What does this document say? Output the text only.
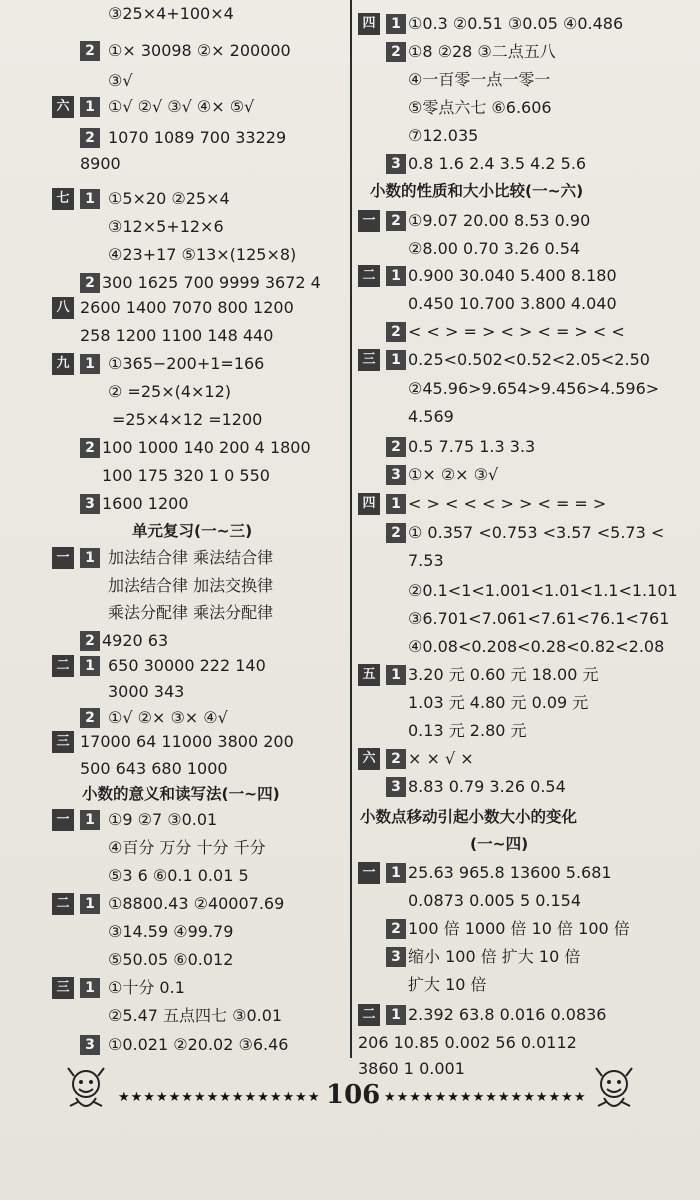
③25×4+100×4
2 ①× 30098 ②× 200000
③√
六	1 ①√ ②√ ③√ ④× ⑤√
2 1070 1089 700 33229
8900
七	1 ①5×20 ②25×4
③12×5+12×6
④23+17 ⑤13×(125×8)
2 300 1625 700 9999 3672 4
八 2600 1400 7070 800 1200
258 1200 1100 148 440
九	1 ①365−200+1=166
② =25×(4×12)
=25×4×12 =1200
2 100 1000 140 200 4 1800
100 175 320 1 0 550
3 1600 1200
单元复习(一~三)
一	1 加法结合律 乘法结合律
加法结合律 加法交换律
乘法分配律 乘法分配律
2 4920 63
二	1 650 30000 222 140
3000 343
2 ①√ ②× ③× ④√
三 17000 64 11000 3800 200
500 643 680 1000
小数的意义和读写法(一~四)
一	1 ①9 ②7 ③0.01
④百分 万分 十分 千分
⑤3 6 ⑥0.1 0.01 5
二	1 ①8800.43 ②40007.69
③14.59 ④99.79
⑤50.05 ⑥0.012
三	1 ①十分 0.1
②5.47 五点四七 ③0.01
3 ①0.021 ②20.02 ③6.46
四	1 ①0.3 ②0.51 ③0.05 ④0.486
2 ①8 ②28 ③二点五八
④一百零一点一零一
⑤零点六七 ⑥6.606
⑦12.035
3 0.8 1.6 2.4 3.5 4.2 5.6
小数的性质和大小比较(一~六)
一	2 ①9.07 20.00 8.53 0.90
②8.00 0.70 3.26 0.54
二	1 0.900 30.040 5.400 8.180
0.450 10.700 3.800 4.040
2 < < > = > < > < = > < <
三	1 0.25<0.502<0.52<2.05<2.50
②45.96>9.654>9.456>4.596>
4.569
2 0.5 7.75 1.3 3.3
3 ①× ②× ③√
四	1 < > < < < > > < = = >
2 ① 0.357 <0.753 <3.57 <5.73 <
7.53
②0.1<1<1.001<1.01<1.1<1.101
③6.701<7.061<7.61<76.1<761
④0.08<0.208<0.28<0.82<2.08
五	1 3.20 元 0.60 元 18.00 元
1.03 元 4.80 元 0.09 元
0.13 元 2.80 元
六	2 × × √ ×
3 8.83 0.79 3.26 0.54
小数点移动引起小数大小的变化
(一~四)
一	1 25.63 965.8 13600 5.681
0.0873 0.005 5 0.154
2 100 倍 1000 倍 10 倍 100 倍
3 缩小 100 倍 扩大 10 倍
扩大 10 倍
二	1 2.392 63.8 0.016 0.0836
206 10.85 0.002 56 0.0112
3860 1 0.001
★★★★★★★★★★★★★★★★ 106 ★★★★★★★★★★★★★★★★
